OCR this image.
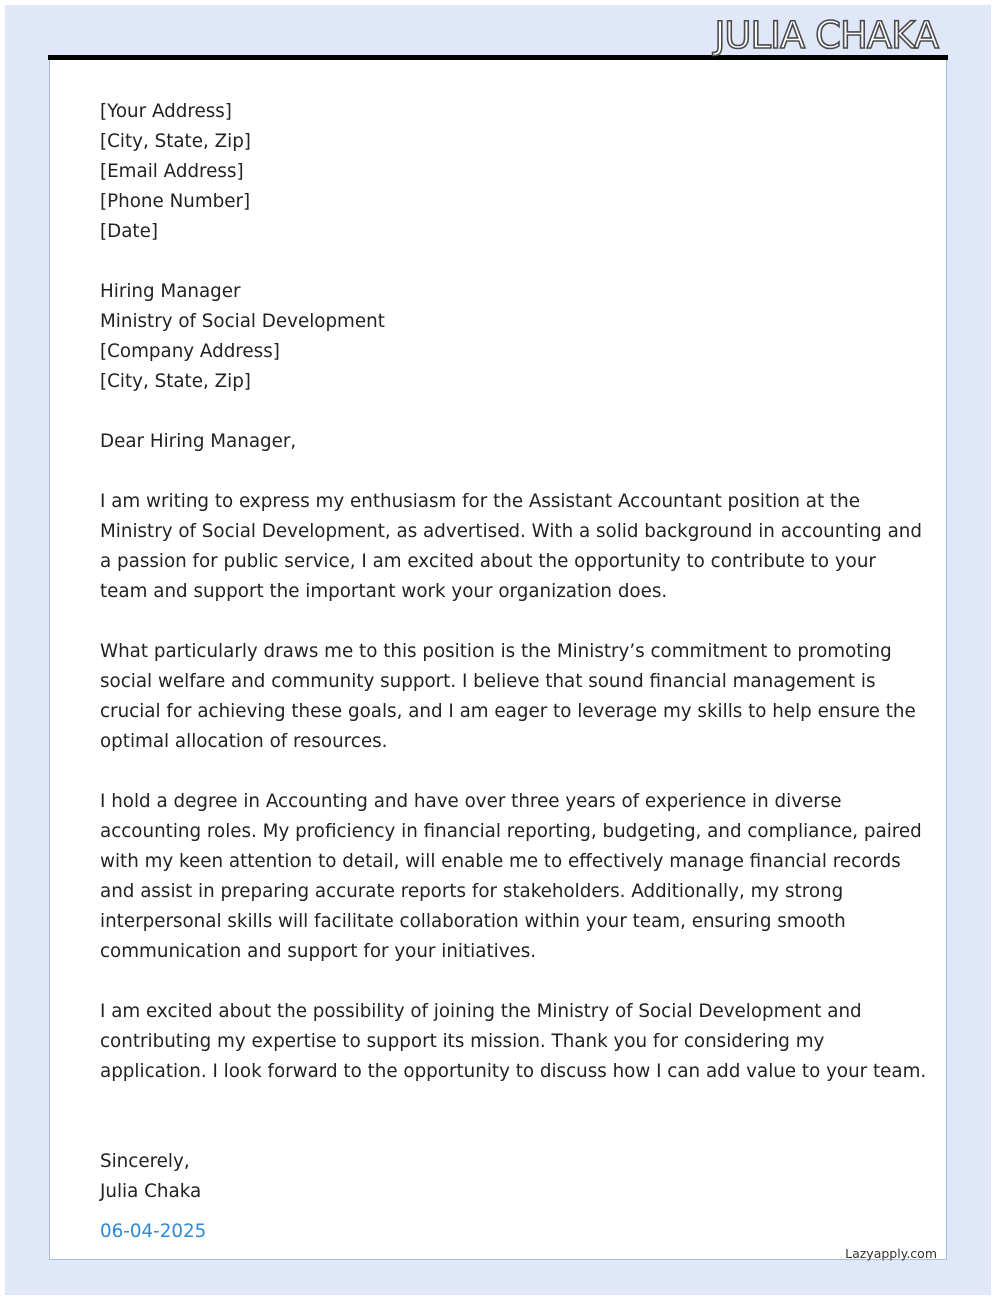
JULIA CHAKA
[Your Address]
[City, State, Zip]
[Email Address]
[Phone Number]
[Date]
Hiring Manager
Ministry of Social Development
[Company Address]
[City, State, Zip]
Dear Hiring Manager,

I am writing to express my enthusiasm for the Assistant Accountant position at the
Ministry of Social Development, as advertised. With a solid background in accounting and
a passion for public service, I am excited about the opportunity to contribute to your
team and support the important work your organization does.

What particularly draws me to this position is the Ministry’s commitment to promoting
social welfare and community support. I believe that sound financial management is
crucial for achieving these goals, and I am eager to leverage my skills to help ensure the
optimal allocation of resources.

I hold a degree in Accounting and have over three years of experience in diverse
accounting roles. My proficiency in financial reporting, budgeting, and compliance, paired
with my keen attention to detail, will enable me to effectively manage financial records
and assist in preparing accurate reports for stakeholders. Additionally, my strong
interpersonal skills will facilitate collaboration within your team, ensuring smooth
communication and support for your initiatives.

I am excited about the possibility of joining the Ministry of Social Development and
contributing my expertise to support its mission. Thank you for considering my
application. I look forward to the opportunity to discuss how I can add value to your team.

Sincerely,
Julia Chaka
06-04-2025
Lazyapply.com
